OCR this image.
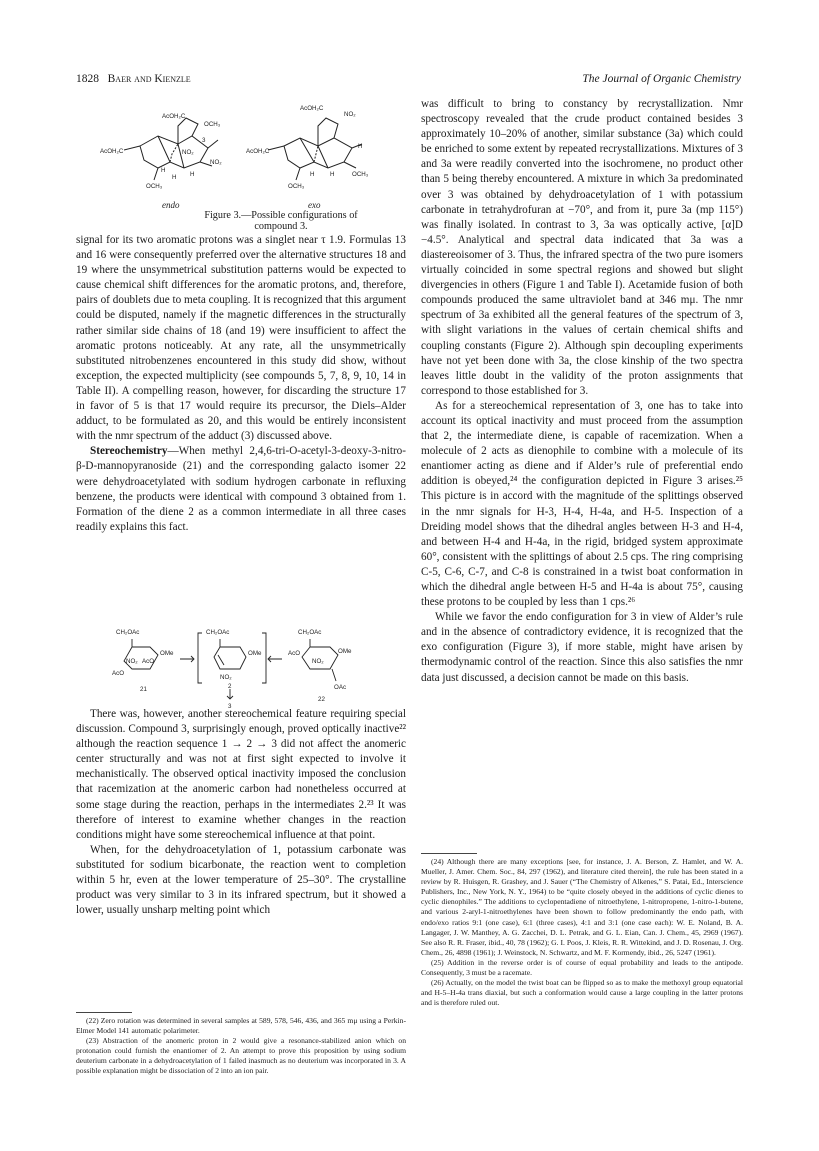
1828 Baer and Kienzle	The Journal of Organic Chemistry
AcOH₂C
OCH₃
AcOH₂C	NO₂
NO₂
OCH₃
H
H H
3
endo
AcOH₂C
NO₂
AcOH₂C
OCH₃
OCH₃
H
H
H
exo
Figure 3.—Possible configurations of compound 3.

signal for its two aromatic protons was a singlet near τ 1.9. Formulas 13 and 16 were consequently preferred over the alternative structures 18 and 19 where the unsymmetrical substitution patterns would be expected to cause chemical shift differences for the aromatic protons, and, therefore, pairs of doublets due to meta coupling. It is recognized that this argument could be disputed, namely if the magnetic differences in the structurally rather similar side chains of 18 (and 19) were insufficient to affect the aromatic protons noticeably. At any rate, all the unsymmetrically substituted nitrobenzenes encountered in this study did show, without exception, the expected multiplicity (see compounds 5, 7, 8, 9, 10, 14 in Table II). A compelling reason, however, for discarding the structure 17 in favor of 5 is that 17 would require its precursor, the Diels–Alder adduct, to be formulated as 20, and this would be entirely inconsistent with the nmr spectrum of the adduct (3) discussed above.

Stereochemistry—When methyl 2,4,6-tri-O-acetyl-3-deoxy-3-nitro-β-D-mannopyranoside (21) and the corresponding galacto isomer 22 were dehydroacetylated with sodium hydrogen carbonate in refluxing benzene, the products were identical with compound 3 obtained from 1. Formation of the diene 2 as a common intermediate in all three cases readily explains this fact.

CH₂OAc
OMe
NO₂ AcO
AcO
21
CH₂OAc
OMe
NO₂
2
3
CH₂OAc
OMe
AcO
NO₂
OAc
22

There was, however, another stereochemical feature requiring special discussion. Compound 3, surprisingly enough, proved optically inactive²² although the reaction sequence 1 → 2 → 3 did not affect the anomeric center structurally and was not at first sight expected to involve it mechanistically. The observed optical inactivity imposed the conclusion that racemization at the anomeric carbon had nonetheless occurred at some stage during the reaction, perhaps in the intermediates 2.²³ It was therefore of interest to examine whether changes in the reaction conditions might have some stereochemical influence at that point.

When, for the dehydroacetylation of 1, potassium carbonate was substituted for sodium bicarbonate, the reaction went to completion within 5 hr, even at the lower temperature of 25–30°. The crystalline product was very similar to 3 in its infrared spectrum, but it showed a lower, usually unsharp melting point which

(22) Zero rotation was determined in several samples at 589, 578, 546, 436, and 365 mμ using a Perkin-Elmer Model 141 automatic polarimeter.

(23) Abstraction of the anomeric proton in 2 would give a resonance-stabilized anion which on protonation could furnish the enantiomer of 2. An attempt to prove this proposition by using sodium deuterium carbonate in a dehydroacetylation of 1 failed inasmuch as no deuterium was incorporated in 3. A possible explanation might be dissociation of 2 into an ion pair.

was difficult to bring to constancy by recrystallization. Nmr spectroscopy revealed that the crude product contained besides 3 approximately 10–20% of another, similar substance (3a) which could be enriched to some extent by repeated recrystallizations. Mixtures of 3 and 3a were readily converted into the isochromene, no product other than 5 being thereby encountered. A mixture in which 3a predominated over 3 was obtained by dehydroacetylation of 1 with potassium carbonate in tetrahydrofuran at −70°, and from it, pure 3a (mp 115°) was finally isolated. In contrast to 3, 3a was optically active, [α]D −4.5°. Analytical and spectral data indicated that 3a was a diastereoisomer of 3. Thus, the infrared spectra of the two pure isomers virtually coincided in some spectral regions and showed but slight divergencies in others (Figure 1 and Table I). Acetamide fusion of both compounds produced the same ultraviolet band at 346 mμ. The nmr spectrum of 3a exhibited all the general features of the spectrum of 3, with slight variations in the values of certain chemical shifts and coupling constants (Figure 2). Although spin decoupling experiments have not yet been done with 3a, the close kinship of the two spectra leaves little doubt in the validity of the proton assignments that correspond to those established for 3.

As for a stereochemical representation of 3, one has to take into account its optical inactivity and must proceed from the assumption that 2, the intermediate diene, is capable of racemization. When a molecule of 2 acts as dienophile to combine with a molecule of its enantiomer acting as diene and if Alder’s rule of preferential endo addition is obeyed,²⁴ the configuration depicted in Figure 3 arises.²⁵ This picture is in accord with the magnitude of the splittings observed in the nmr signals for H-3, H-4, H-4a, and H-5. Inspection of a Dreiding model shows that the dihedral angles between H-3 and H-4, and between H-4 and H-4a, in the rigid, bridged system approximate 60°, consistent with the splittings of about 2.5 cps. The ring comprising C-5, C-6, C-7, and C-8 is constrained in a twist boat conformation in which the dihedral angle between H-5 and H-4a is about 75°, causing these protons to be coupled by less than 1 cps.²⁶

While we favor the endo configuration for 3 in view of Alder’s rule and in the absence of contradictory evidence, it is recognized that the exo configuration (Figure 3), if more stable, might have arisen by thermodynamic control of the reaction. Since this also satisfies the nmr data just discussed, a decision cannot be made on this basis.

(24) Although there are many exceptions [see, for instance, J. A. Berson, Z. Hamlet, and W. A. Mueller, J. Amer. Chem. Soc., 84, 297 (1962), and literature cited therein], the rule has been stated in a review by R. Huisgen, R. Grashey, and J. Sauer (“The Chemistry of Alkenes,” S. Patai, Ed., Interscience Publishers, Inc., New York, N. Y., 1964) to be “quite closely obeyed in the additions of cyclic dienes to cyclic dienophiles.” The additions to cyclopentadiene of nitroethylene, 1-nitropropene, 1-nitro-1-butene, and various 2-aryl-1-nitroethylenes have been shown to follow predominantly the endo path, with endo/exo ratios 9:1 (one case), 6:1 (three cases), 4:1 and 3:1 (one case each): W. E. Noland, B. A. Langager, J. W. Manthey, A. G. Zacchei, D. L. Petrak, and G. L. Eian, Can. J. Chem., 45, 2969 (1967). See also R. R. Fraser, ibid., 40, 78 (1962); G. I. Poos, J. Kleis, R. R. Wittekind, and J. D. Rosenau, J. Org. Chem., 26, 4898 (1961); J. Weinstock, N. Schwartz, and M. F. Kormendy, ibid., 26, 5247 (1961).

(25) Addition in the reverse order is of course of equal probability and leads to the antipode. Consequently, 3 must be a racemate.

(26) Actually, on the model the twist boat can be flipped so as to make the methoxyl group equatorial and H-5–H-4a trans diaxial, but such a conformation would cause a large coupling in the latter protons and is therefore ruled out.
